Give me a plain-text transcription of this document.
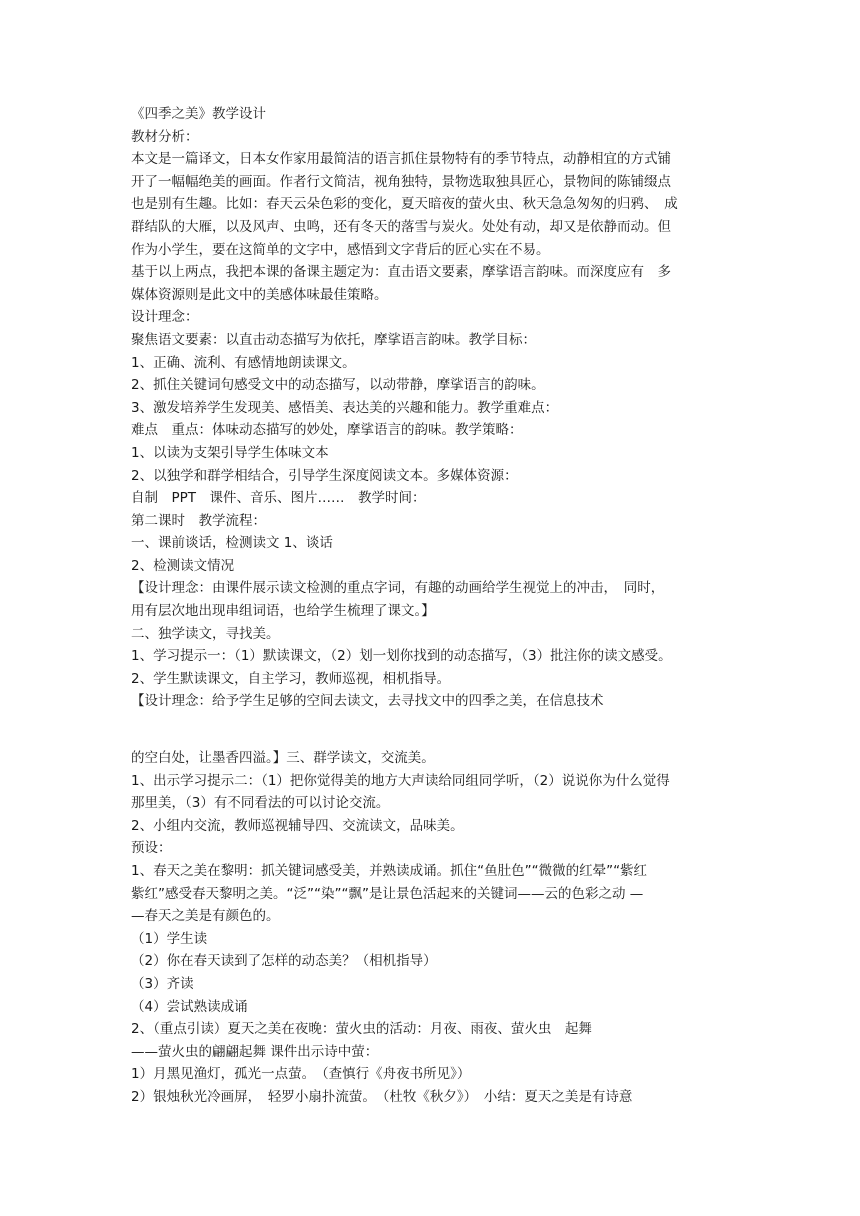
《四季之美》教学设计

教材分析：

本文是一篇译文，日本女作家用最简洁的语言抓住景物特有的季节特点，动静相宜的方式铺

开了一幅幅绝美的画面。作者行文简洁，视角独特，景物选取独具匠心，景物间的陈铺缀点

也是别有生趣。比如：春天云朵色彩的变化，夏天暗夜的萤火虫、秋天急急匆匆的归鸦、　成

群结队的大雁，以及风声、虫鸣，还有冬天的落雪与炭火。处处有动，却又是依静而动。但

作为小学生，要在这简单的文字中，感悟到文字背后的匠心实在不易。

基于以上两点，我把本课的备课主题定为：直击语文要素，摩挲语言韵味。而深度应有　多

媒体资源则是此文中的美感体味最佳策略。

设计理念：

聚焦语文要素：以直击动态描写为依托，摩挲语言韵味。教学目标：

1、正确、流利、有感情地朗读课文。

2、抓住关键词句感受文中的动态描写，以动带静，摩挲语言的韵味。

3、激发培养学生发现美、感悟美、表达美的兴趣和能力。教学重难点：

难点　重点：体味动态描写的妙处，摩挲语言的韵味。教学策略：

1、以读为支架引导学生体味文本

2、以独学和群学相结合，引导学生深度阅读文本。多媒体资源：

自制　PPT　课件、音乐、图片……　教学时间：

第二课时　教学流程：

一、课前谈话，检测读文 1、谈话

2、检测读文情况

【设计理念：由课件展示读文检测的重点字词，有趣的动画给学生视觉上的冲击，　同时，

用有层次地出现串组词语，也给学生梳理了课文。】

二、独学读文，寻找美。

1、学习提示一：（1）默读课文，（2）划一划你找到的动态描写，（3）批注你的读文感受。

2、学生默读课文，自主学习，教师巡视，相机指导。

【设计理念：给予学生足够的空间去读文，去寻找文中的四季之美，在信息技术

的空白处，让墨香四溢。】三、群学读文，交流美。

1、出示学习提示二：（1）把你觉得美的地方大声读给同组同学听，（2）说说你为什么觉得

那里美，（3）有不同看法的可以讨论交流。

2、小组内交流，教师巡视辅导四、交流读文，品味美。

预设：

1、春天之美在黎明：抓关键词感受美，并熟读成诵。抓住“鱼肚色”“微微的红晕”“紫红

紫红”感受春天黎明之美。“泛”“染”“飘”是让景色活起来的关键词——云的色彩之动 —

—春天之美是有颜色的。

（1）学生读

（2）你在春天读到了怎样的动态美？（相机指导）

（3）齐读

（4）尝试熟读成诵

2、（重点引读）夏天之美在夜晚：萤火虫的活动：月夜、雨夜、萤火虫　起舞

——萤火虫的翩翩起舞 课件出示诗中萤：

1）月黑见渔灯，孤光一点萤。　（查慎行《舟夜书所见》）

2）银烛秋光冷画屏，　轻罗小扇扑流萤。　（杜牧《秋夕》）　小结：夏天之美是有诗意
